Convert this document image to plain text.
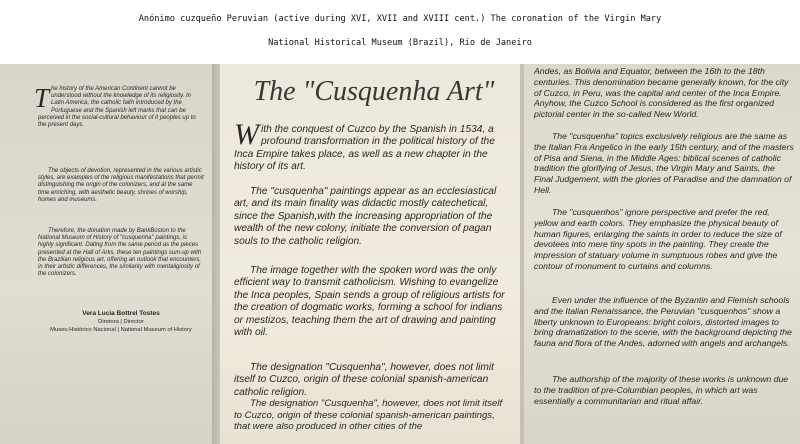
Anónimo cuzqueño Peruvian (active during XVI, XVII and XVIII cent.) The coronation of the Virgin Mary
National Historical Museum (Brazil), Rio de Janeiro

The history of the American Continent cannot be understood without the knowledge of its religiosity. In Latin America, the catholic faith introduced by the Portuguese and the Spanish left marks that can be perceived in the social-cultural behaviour of it peoples up to the present days.

The objects of devotion, represented in the various artistic styles, are examples of the religious manifestations that permit distinguishing the origin of the colonizers, and at the same time enriching, with aesthetic beauty, shrines of worship, homes and museums.

Therefore, the donation made by BankBoston to the National Museum of History of "cusquenha" paintings, is highly significant. Dating from the same period as the pieces presented at the Hall of Arks, these ten paintings sum-up with the Brazilian religious art, offering an outlook that encounters, in their artistic differences, the similarity with mentaligiosity of the colonizers.

Vera Lucia Bottrel Tostes
Diretora | Director
Museu Histórico Nacional | National Museum of History
The "Cusquenha Art"

With the conquest of Cuzco by the Spanish in 1534, a profound transformation in the political history of the Inca Empire takes place, as well as a new chapter in the history of its art.

The "cusquenha" paintings appear as an ecclesiastical art, and its main finality was didactic mostly catechetical, since the Spanish,with the increasing appropriation of the wealth of the new colony, initiate the conversion of pagan souls to the catholic religion.

The image together with the spoken word was the only efficient way to transmit catholicism. Wishing to evangelize the Inca peoples, Spain sends a group of religious artists for the creation of dogmatic works, forming a school for indians or mestizos, teaching them the art of drawing and painting with oil.

The designation "Cusquenha", however, does not limit itself to Cuzco, origin of these colonial spanish-american catholic religion.

The designation "Cusquenha", however, does not limit itself to Cuzco, origin of these colonial spanish-american paintings, that were also produced in other cities of the

Andes, as Bolivia and Equator, between the 16th to the 18th centuries. This denomination became generally known, for the city of Cuzco, in Peru, was the capital and center of the Inca Empire. Anyhow, the Cuzco School is considered as the first organized pictorial center in the so-called New World.

The "cusquenha" topics exclusively religious are the same as the Italian Fra Angelico in the early 15th century, and of the masters of Pisa and Siena, in the Middle Ages: biblical scenes of catholic tradition the glorifying of Jesus, the Virgin Mary and Saints, the Final Judgement, with the glories of Paradise and the damnation of Hell.

The "cusquenhos" ignore perspective and prefer the red, yellow and earth colors. They emphasize the physical beauty of human figures, enlarging the saints in order to reduce the size of devotees into mere tiny spots in the painting. They create the impression of statuary volume in sumptuous robes and give the contour of monument to curtains and columns.

Even under the influence of the Byzantin and Flemish schools and the Italian Renaissance, the Peruvian "cusquenhos" show a liberty unknown to Europeans: bright colors, distorted images to bring dramatization to the scene, with the background depicting the fauna and flora of the Andes, adorned with angels and archangels.

The authorship of the majority of these works is unknown due to the tradition of pre-Columbian peoples, in which art was essentially a communitarian and ritual affair.
